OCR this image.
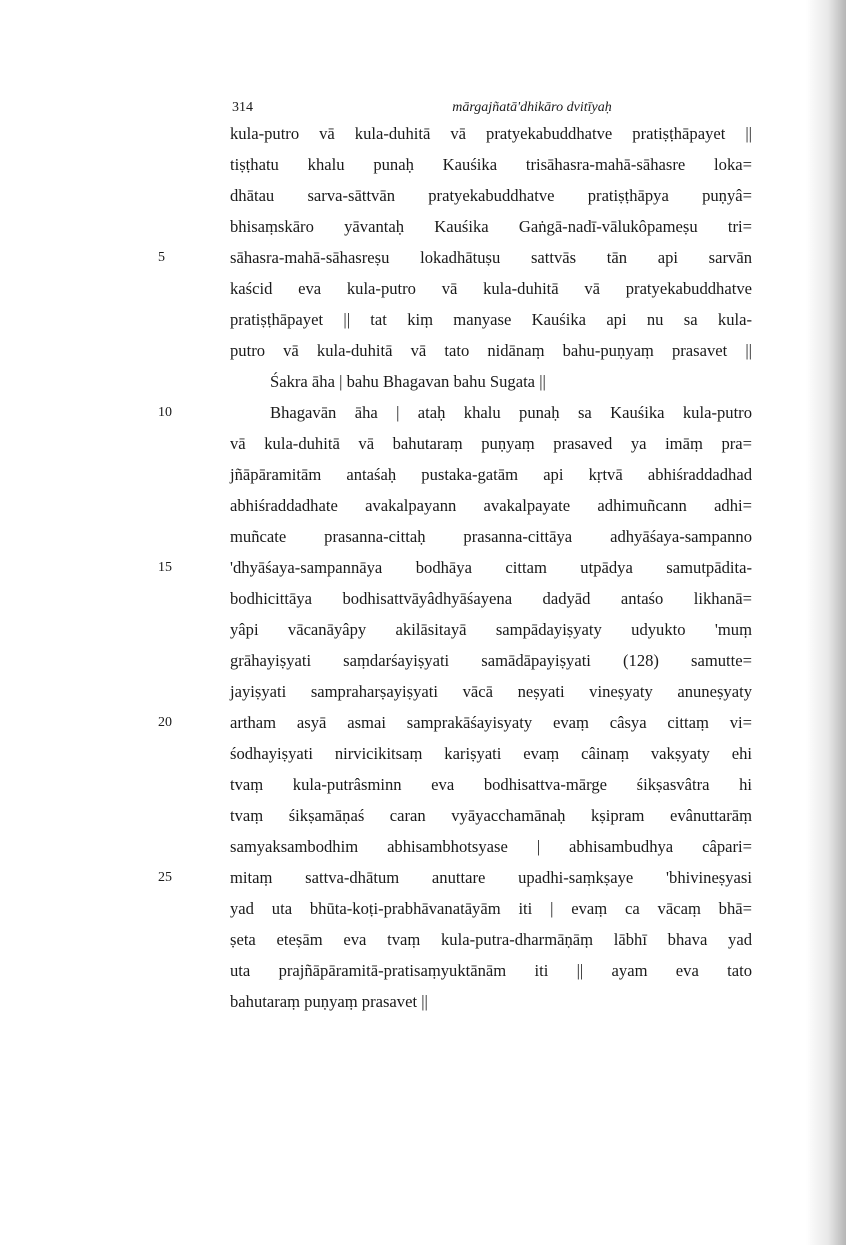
314	mārgajñatā'dhikāro dvitīyaḥ
5
10
15
20
25
kula-putro vā kula-duhitā vā pratyekabuddhatve pratiṣṭhāpayet ||
tiṣṭhatu khalu punaḥ Kauśika trisāhasra-mahā-sāhasre loka=
dhātau sarva-sāttvān pratyekabuddhatve pratiṣṭhāpya puṇyâ=
bhisaṃskāro yāvantaḥ Kauśika Gaṅgā-nadī-vālukôpameṣu tri=
sāhasra-mahā-sāhasreṣu lokadhātuṣu sattvās tān api sarvān
kaścid eva kula-putro vā kula-duhitā vā pratyekabuddhatve
pratiṣṭhāpayet || tat kiṃ manyase Kauśika api nu sa kula-
putro vā kula-duhitā vā tato nidānaṃ bahu-puṇyaṃ prasavet ||
Śakra āha | bahu Bhagavan bahu Sugata ||
Bhagavān āha | ataḥ khalu punaḥ sa Kauśika kula-putro
vā kula-duhitā vā bahutaraṃ puṇyaṃ prasaved ya imāṃ pra=
jñāpāramitām antaśaḥ pustaka-gatām api kṛtvā abhiśraddadhad
abhiśraddadhate avakalpayann avakalpayate adhimuñcann adhi=
muñcate prasanna-cittaḥ prasanna-cittāya adhyāśaya-sampanno
'dhyāśaya-sampannāya bodhāya cittam utpādya samutpādita-
bodhicittāya bodhisattvāyâdhyāśayena dadyād antaśo likhanā=
yâpi vācanāyâpy akilāsitayā sampādayiṣyaty udyukto 'muṃ
grāhayiṣyati saṃdarśayiṣyati samādāpayiṣyati (128) samutte=
jayiṣyati sampraharṣayiṣyati vācā neṣyati vineṣyaty anuneṣyaty
artham asyā asmai samprakāśayisyaty evaṃ câsya cittaṃ vi=
śodhayiṣyati nirvicikitsaṃ kariṣyati evaṃ câinaṃ vakṣyaty ehi
tvaṃ kula-putrâsminn eva bodhisattva-mārge śikṣasvâtra hi
tvaṃ śikṣamāṇaś caran vyāyacchamānaḥ kṣipram evânuttarāṃ
samyaksambodhim abhisambhotsyase | abhisambudhya câpari=
mitaṃ sattva-dhātum anuttare upadhi-saṃkṣaye 'bhivineṣyasi
yad uta bhūta-koṭi-prabhāvanatāyām iti | evaṃ ca vācaṃ bhā=
ṣeta eteṣām eva tvaṃ kula-putra-dharmāṇāṃ lābhī bhava yad
uta prajñāpāramitā-pratisaṃyuktānām iti || ayam eva tato
bahutaraṃ puṇyaṃ prasavet ||
